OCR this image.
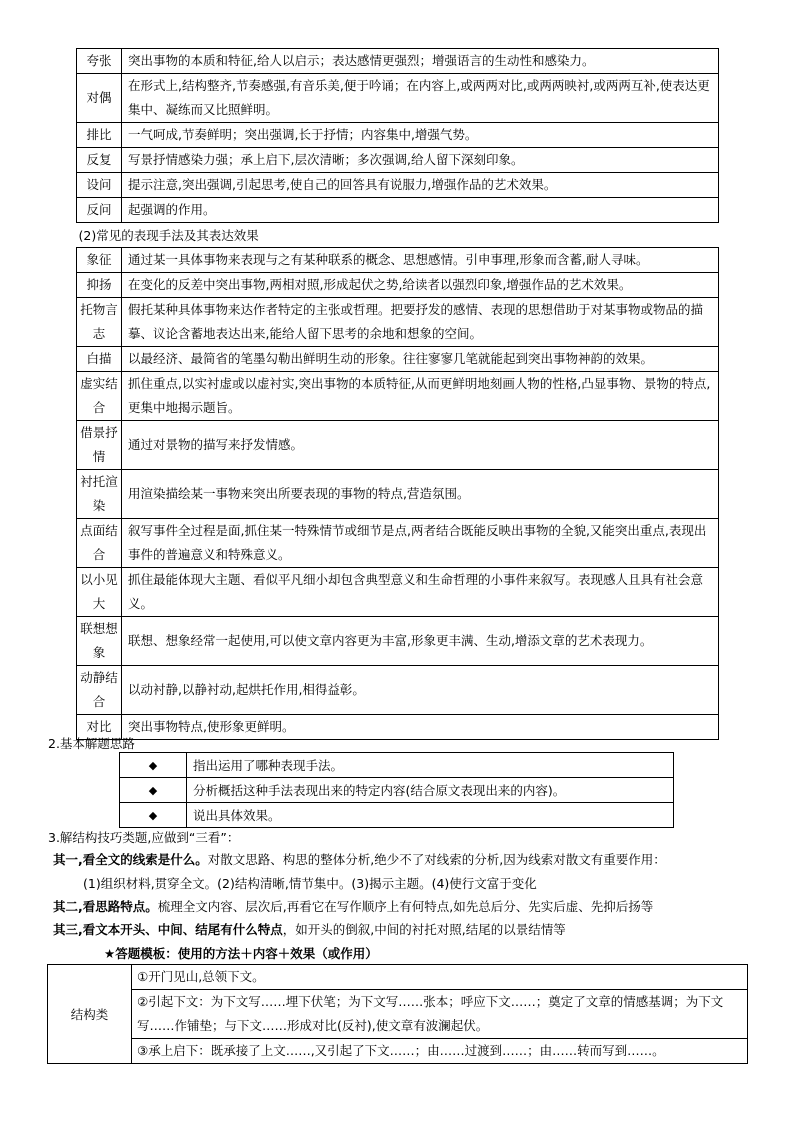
夸张	突出事物的本质和特征,给人以启示；表达感情更强烈；增强语言的生动性和感染力。
对偶	在形式上,结构整齐,节奏感强,有音乐美,便于吟诵；在内容上,或两两对比,或两两映衬,或两两互补,使表达更集中、凝练而又比照鲜明。
排比	一气呵成,节奏鲜明；突出强调,长于抒情；内容集中,增强气势。
反复	写景抒情感染力强；承上启下,层次清晰；多次强调,给人留下深刻印象。
设问	提示注意,突出强调,引起思考,使自己的回答具有说服力,增强作品的艺术效果。
反问	起强调的作用。
(2)常见的表现手法及其表达效果	
象征	通过某一具体事物来表现与之有某种联系的概念、思想感情。引申事理,形象而含蓄,耐人寻味。
抑扬	在变化的反差中突出事物,两相对照,形成起伏之势,给读者以强烈印象,增强作品的艺术效果。
托物言志	假托某种具体事物来达作者特定的主张或哲理。把要抒发的感情、表现的思想借助于对某事物或物品的描摹、议论含蓄地表达出来,能给人留下思考的余地和想象的空间。
白描	以最经济、最简省的笔墨勾勒出鲜明生动的形象。往往寥寥几笔就能起到突出事物神韵的效果。
虚实结合	抓住重点,以实衬虚或以虚衬实,突出事物的本质特征,从而更鲜明地刻画人物的性格,凸显事物、景物的特点,更集中地揭示题旨。
借景抒情	通过对景物的描写来抒发情感。
衬托渲染	用渲染描绘某一事物来突出所要表现的事物的特点,营造氛围。
点面结合	叙写事件全过程是面,抓住某一特殊情节或细节是点,两者结合既能反映出事物的全貌,又能突出重点,表现出事件的普遍意义和特殊意义。
以小见大	抓住最能体现大主题、看似平凡细小却包含典型意义和生命哲理的小事件来叙写。表现感人且具有社会意义。
联想想象	联想、想象经常一起使用,可以使文章内容更为丰富,形象更丰满、生动,增添文章的艺术表现力。
动静结合	以动衬静,以静衬动,起烘托作用,相得益彰。
对比	突出事物特点,使形象更鲜明。
2.基本解题思路
◆	指出运用了哪种表现手法。
◆	分析概括这种手法表现出来的特定内容(结合原文表现出来的内容)。
◆	说出具体效果。
3.解结构技巧类题,应做到“三看”：
其一,看全文的线索是什么。对散文思路、构思的整体分析,绝少不了对线索的分析,因为线索对散文有重要作用：
(1)组织材料,贯穿全文。(2)结构清晰,情节集中。(3)揭示主题。(4)使行文富于变化
其二,看思路特点。梳理全文内容、层次后,再看它在写作顺序上有何特点,如先总后分、先实后虚、先抑后扬等
其三,看文本开头、中间、结尾有什么特点，如开头的倒叙,中间的衬托对照,结尾的以景结情等
★答题模板：使用的方法＋内容＋效果（或作用）
结构类	①开门见山,总领下文。
②引起下文：为下文写……埋下伏笔；为下文写……张本；呼应下文……；奠定了文章的情感基调；为下文写……作铺垫；与下文……形成对比(反衬),使文章有波澜起伏。
③承上启下：既承接了上文……,又引起了下文……；由……过渡到……；由……转而写到……。
